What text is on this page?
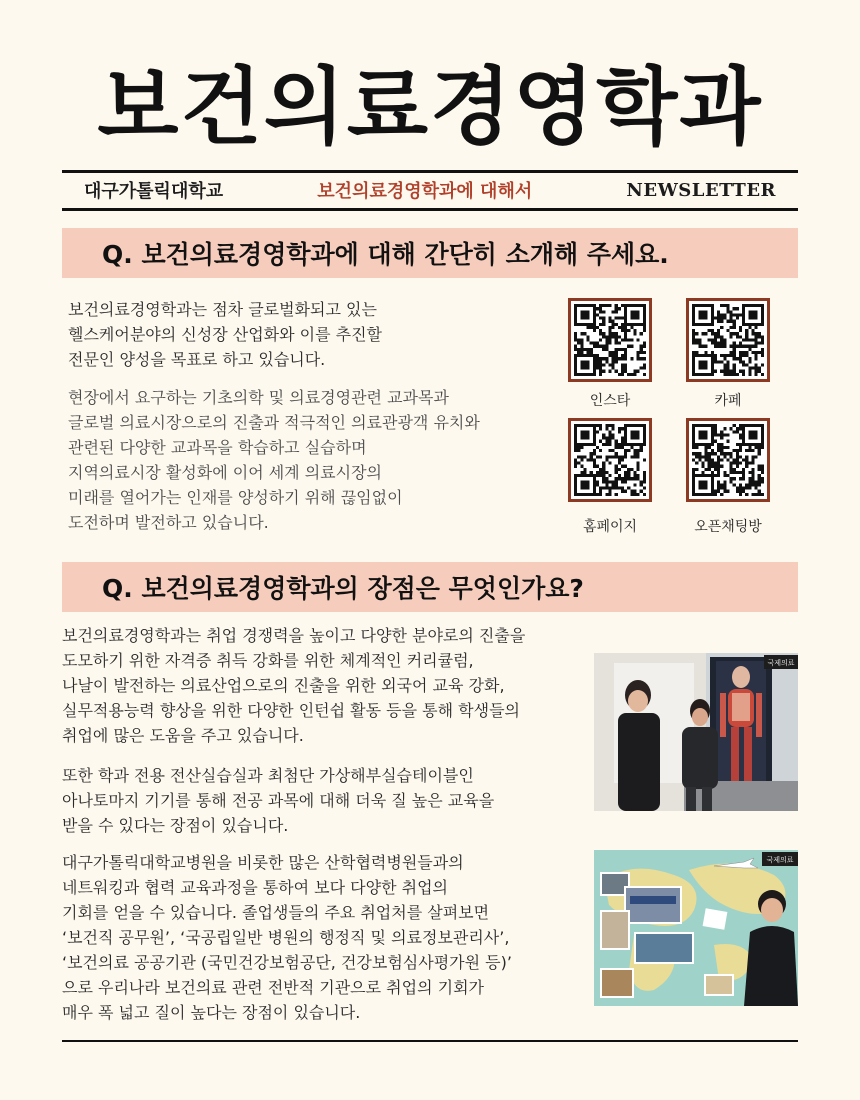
보건의료경영학과
대구가톨릭대학교	보건의료경영학과에 대해서	NEWSLETTER
Q. 보건의료경영학과에 대해 간단히 소개해 주세요.

보건의료경영학과는 점차 글로벌화되고 있는

헬스케어분야의 신성장 산업화와 이를 추진할

전문인 양성을 목표로 하고 있습니다.

현장에서 요구하는 기초의학 및 의료경영관련 교과목과

글로벌 의료시장으로의 진출과 적극적인 의료관광객 유치와

관련된 다양한 교과목을 학습하고 실습하며

지역의료시장 활성화에 이어 세계 의료시장의

미래를 열어가는 인재를 양성하기 위해 끊임없이

도전하며 발전하고 있습니다.

인스타	카페
홈페이지	오픈채팅방
Q. 보건의료경영학과의 장점은 무엇인가요?

보건의료경영학과는 취업 경쟁력을 높이고 다양한 분야로의 진출을

도모하기 위한 자격증 취득 강화를 위한 체계적인 커리큘럼,

나날이 발전하는 의료산업으로의 진출을 위한 외국어 교육 강화,

실무적용능력 향상을 위한 다양한 인턴쉽 활동 등을 통해 학생들의

취업에 많은 도움을 주고 있습니다.

또한 학과 전용 전산실습실과 최첨단 가상해부실습테이블인

아나토마지 기기를 통해 전공 과목에 대해 더욱 질 높은 교육을

받을 수 있다는 장점이 있습니다.

대구가톨릭대학교병원을 비롯한 많은 산학협력병원들과의

네트워킹과 협력 교육과정을 통하여 보다 다양한 취업의

기회를 얻을 수 있습니다. 졸업생들의 주요 취업처를 살펴보면

‘보건직 공무원’, ‘국공립일반 병원의 행정직 및 의료정보관리사’,

‘보건의료 공공기관 (국민건강보험공단, 건강보험심사평가원 등)’

으로 우리나라 보건의료 관련 전반적 기관으로 취업의 기회가

매우 폭 넓고 질이 높다는 장점이 있습니다.

국제의료
국제의료
